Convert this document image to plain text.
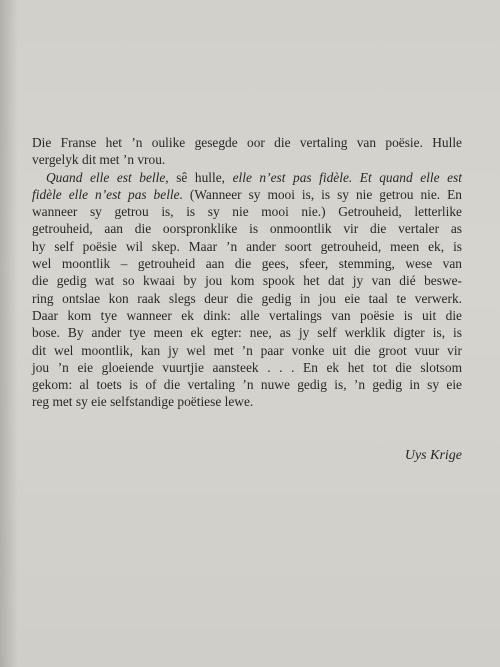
Die Franse het ’n oulike gesegde oor die vertaling van poësie. Hulle
vergelyk dit met ’n vrou.
Quand elle est belle, sê hulle, elle n’est pas fidèle. Et quand elle est
fidèle elle n’est pas belle. (Wanneer sy mooi is, is sy nie getrou nie. En
wanneer sy getrou is, is sy nie mooi nie.) Getrouheid, letterlike
getrouheid, aan die oorspronklike is onmoontlik vir die vertaler as
hy self poësie wil skep. Maar ’n ander soort getrouheid, meen ek, is
wel moontlik – getrouheid aan die gees, sfeer, stemming, wese van
die gedig wat so kwaai by jou kom spook het dat jy van dié beswe-
ring ontslae kon raak slegs deur die gedig in jou eie taal te verwerk.
Daar kom tye wanneer ek dink: alle vertalings van poësie is uit die
bose. By ander tye meen ek egter: nee, as jy self werklik digter is, is
dit wel moontlik, kan jy wel met ’n paar vonke uit die groot vuur vir
jou ’n eie gloeiende vuurtjie aansteek . . . En ek het tot die slotsom
gekom: al toets is of die vertaling ’n nuwe gedig is, ’n gedig in sy eie
reg met sy eie selfstandige poëtiese lewe.
Uys Krige
